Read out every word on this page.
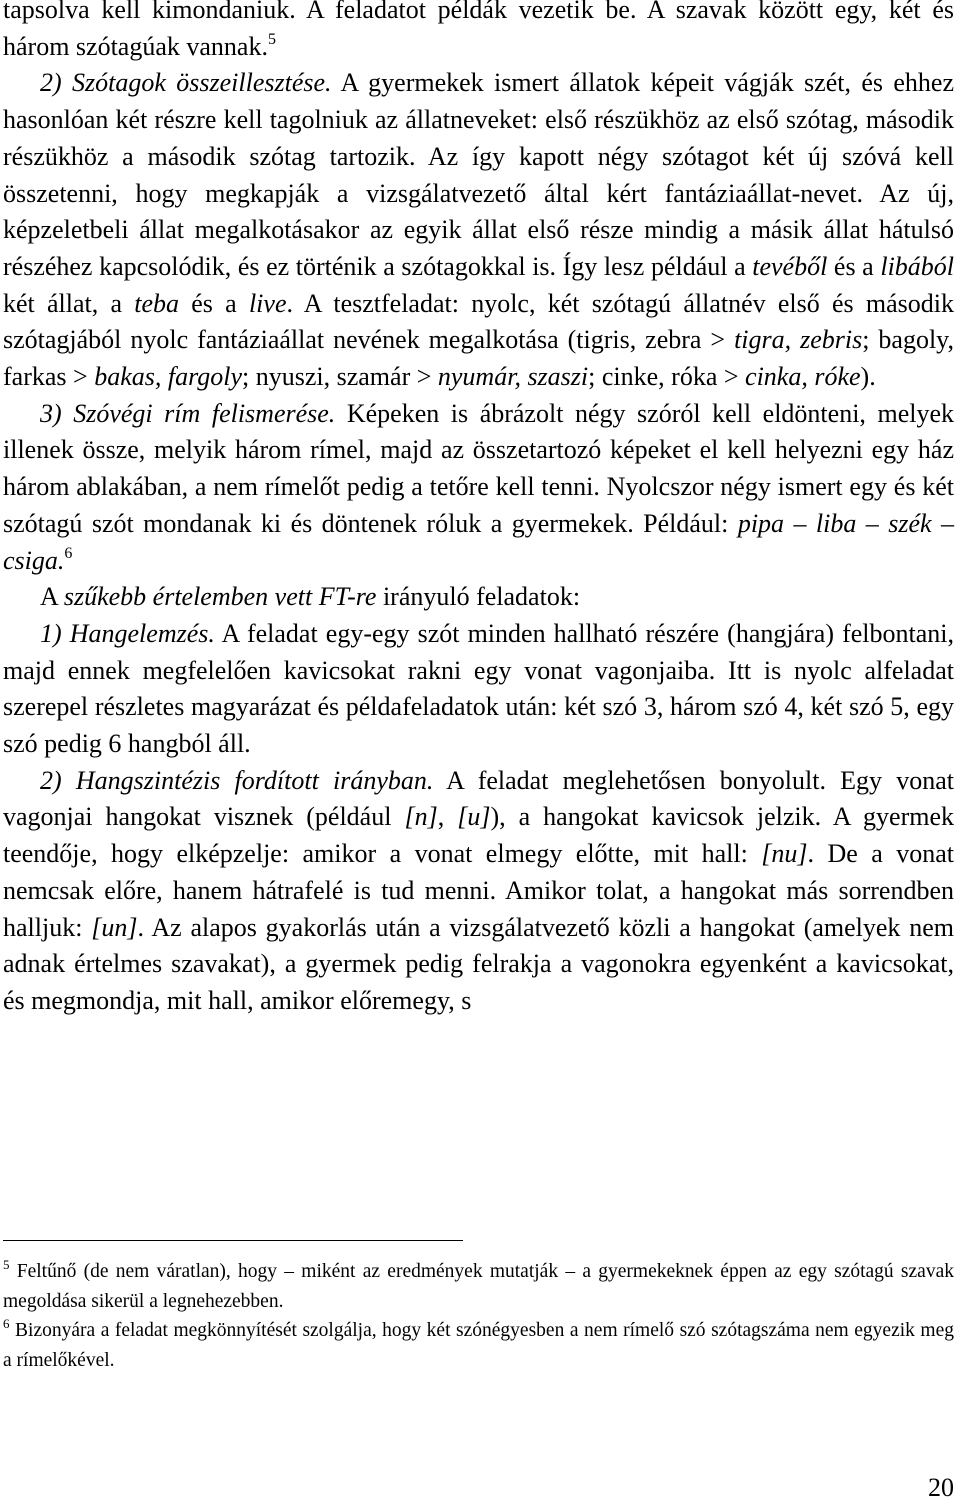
tapsolva kell kimondaniuk. A feladatot példák vezetik be. A szavak között egy, két és három szótagúak vannak.$^5$

2) Szótagok összeillesztése. A gyermekek ismert állatok képeit vágják szét, és ehhez hasonlóan két részre kell tagolniuk az állatneveket: első részükhöz az első szótag, második részükhöz a második szótag tartozik. Az így kapott négy szótagot két új szóvá kell összetenni, hogy megkapják a vizsgálatvezető által kért fantáziaállat-nevet. Az új, képzeletbeli állat megalkotásakor az egyik állat első része mindig a másik állat hátulsó részéhez kapcsolódik, és ez történik a szótagokkal is. Így lesz például a tevéből és a libából két állat, a teba és a live. A tesztfeladat: nyolc, két szótagú állatnév első és második szótagjából nyolc fantáziaállat nevének megalkotása (tigris, zebra > tigra, zebris; bagoly, farkas > bakas, fargoly; nyuszi, szamár > nyumár, szaszi; cinke, róka > cinka, róke).

3) Szóvégi rím felismerése. Képeken is ábrázolt négy szóról kell eldönteni, melyek illenek össze, melyik három rímel, majd az összetartozó képeket el kell helyezni egy ház három ablakában, a nem rímelőt pedig a tetőre kell tenni. Nyolcszor négy ismert egy és két szótagú szót mondanak ki és döntenek róluk a gyermekek. Például: pipa – liba – szék – csiga.$^6$

A szűkebb értelemben vett FT-re irányuló feladatok:

1) Hangelemzés. A feladat egy-egy szót minden hallható részére (hangjára) felbontani, majd ennek megfelelően kavicsokat rakni egy vonat vagonjaiba. Itt is nyolc alfeladat szerepel részletes magyarázat és példafeladatok után: két szó 3, három szó 4, két szó 5, egy szó pedig 6 hangból áll.

2) Hangszintézis fordított irányban. A feladat meglehetősen bonyolult. Egy vonat vagonjai hangokat visznek (például [n], [u]), a hangokat kavicsok jelzik. A gyermek teendője, hogy elképzelje: amikor a vonat elmegy előtte, mit hall: [nu]. De a vonat nemcsak előre, hanem hátrafelé is tud menni. Amikor tolat, a hangokat más sorrendben halljuk: [un]. Az alapos gyakorlás után a vizsgálatvezető közli a hangokat (amelyek nem adnak értelmes szavakat), a gyermek pedig felrakja a vagonokra egyenként a kavicsokat, és megmondja, mit hall, amikor előremegy, s

$^5$ Feltűnő (de nem váratlan), hogy – miként az eredmények mutatják – a gyermekeknek éppen az egy szótagú szavak megoldása sikerül a legnehezebben.

$^6$ Bizonyára a feladat megkönnyítését szolgálja, hogy két szónégyesben a nem rímelő szó szótagszáma nem egyezik meg a rímelőkével.

20
